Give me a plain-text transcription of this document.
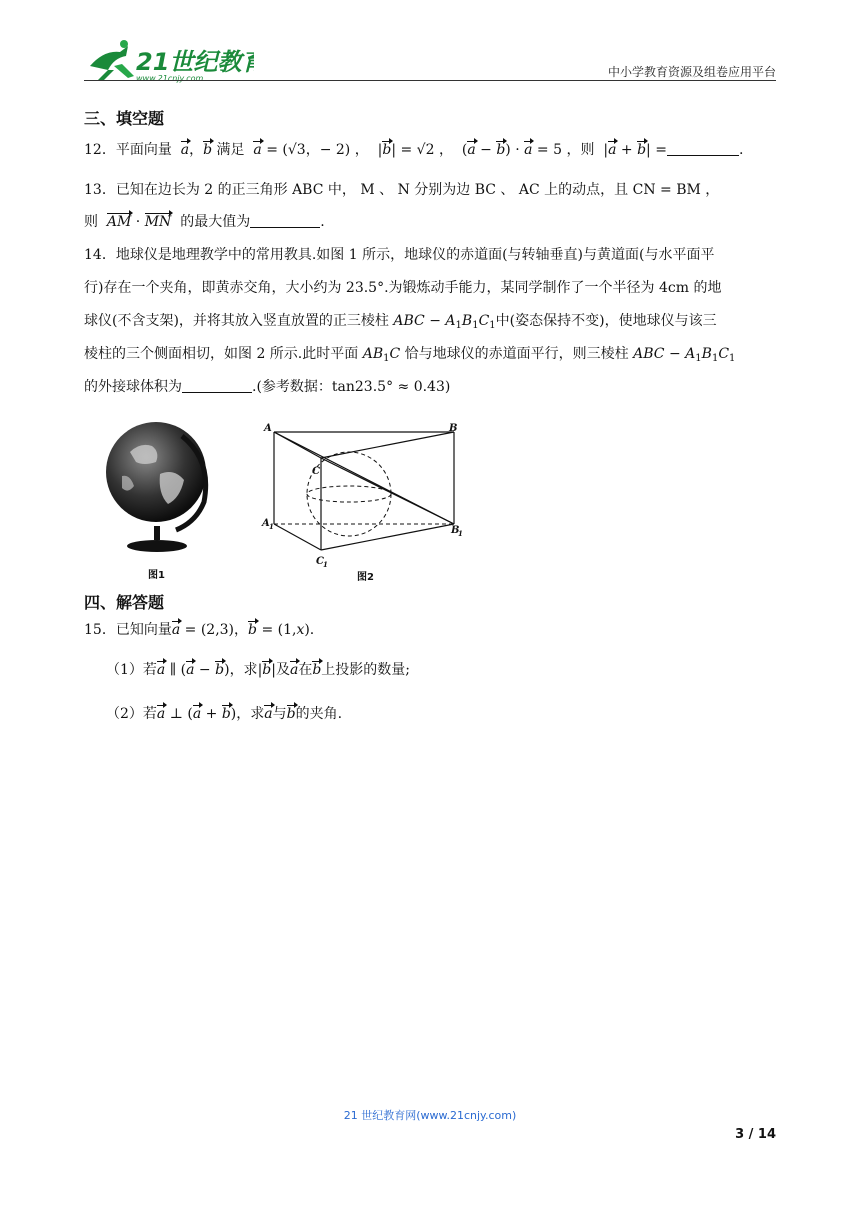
21世纪教育
www.21cnjy.com	中小学教育资源及组卷应用平台
三、填空题
12．平面向量 a，b 满足 a = (√3，− 2) ，  |b| = √2 ，  (a − b) · a = 5 ，则  |a + b| =	.
13．已知在边长为 2 的正三角形 ABC 中， M 、 N 分别为边 BC 、 AC 上的动点，且 CN = BM ，
则 AM · MN 的最大值为	.
14．地球仪是地理教学中的常用教具.如图 1 所示，地球仪的赤道面(与转轴垂直)与黄道面(与水平面平
行)存在一个夹角，即黄赤交角，大小约为 23.5°.为锻炼动手能力，某同学制作了一个半径为 4cm 的地
球仪(不含支架)，并将其放入竖直放置的正三棱柱 ABC − $A_1B_1C_1$中(姿态保持不变)，使地球仪与该三
棱柱的三个侧面相切，如图 2 所示.此时平面 $AB_1C$ 恰与地球仪的赤道面平行，则三棱柱 ABC − $A_1B_1C_1$
的外接球体积为	.(参考数据：tan23.5° ≈ 0.43)
图1
A	B
C
A 1	B
1
C 1
图2
四、解答题
15．已知向量a = (2,3)，b = (1,x).
（1）若a ∥ (a − b)，求|b|及a在b上投影的数量;
（2）若a ⊥ (a + b)，求a与b的夹角.
21 世纪教育网(www.21cnjy.com)
3 / 14
